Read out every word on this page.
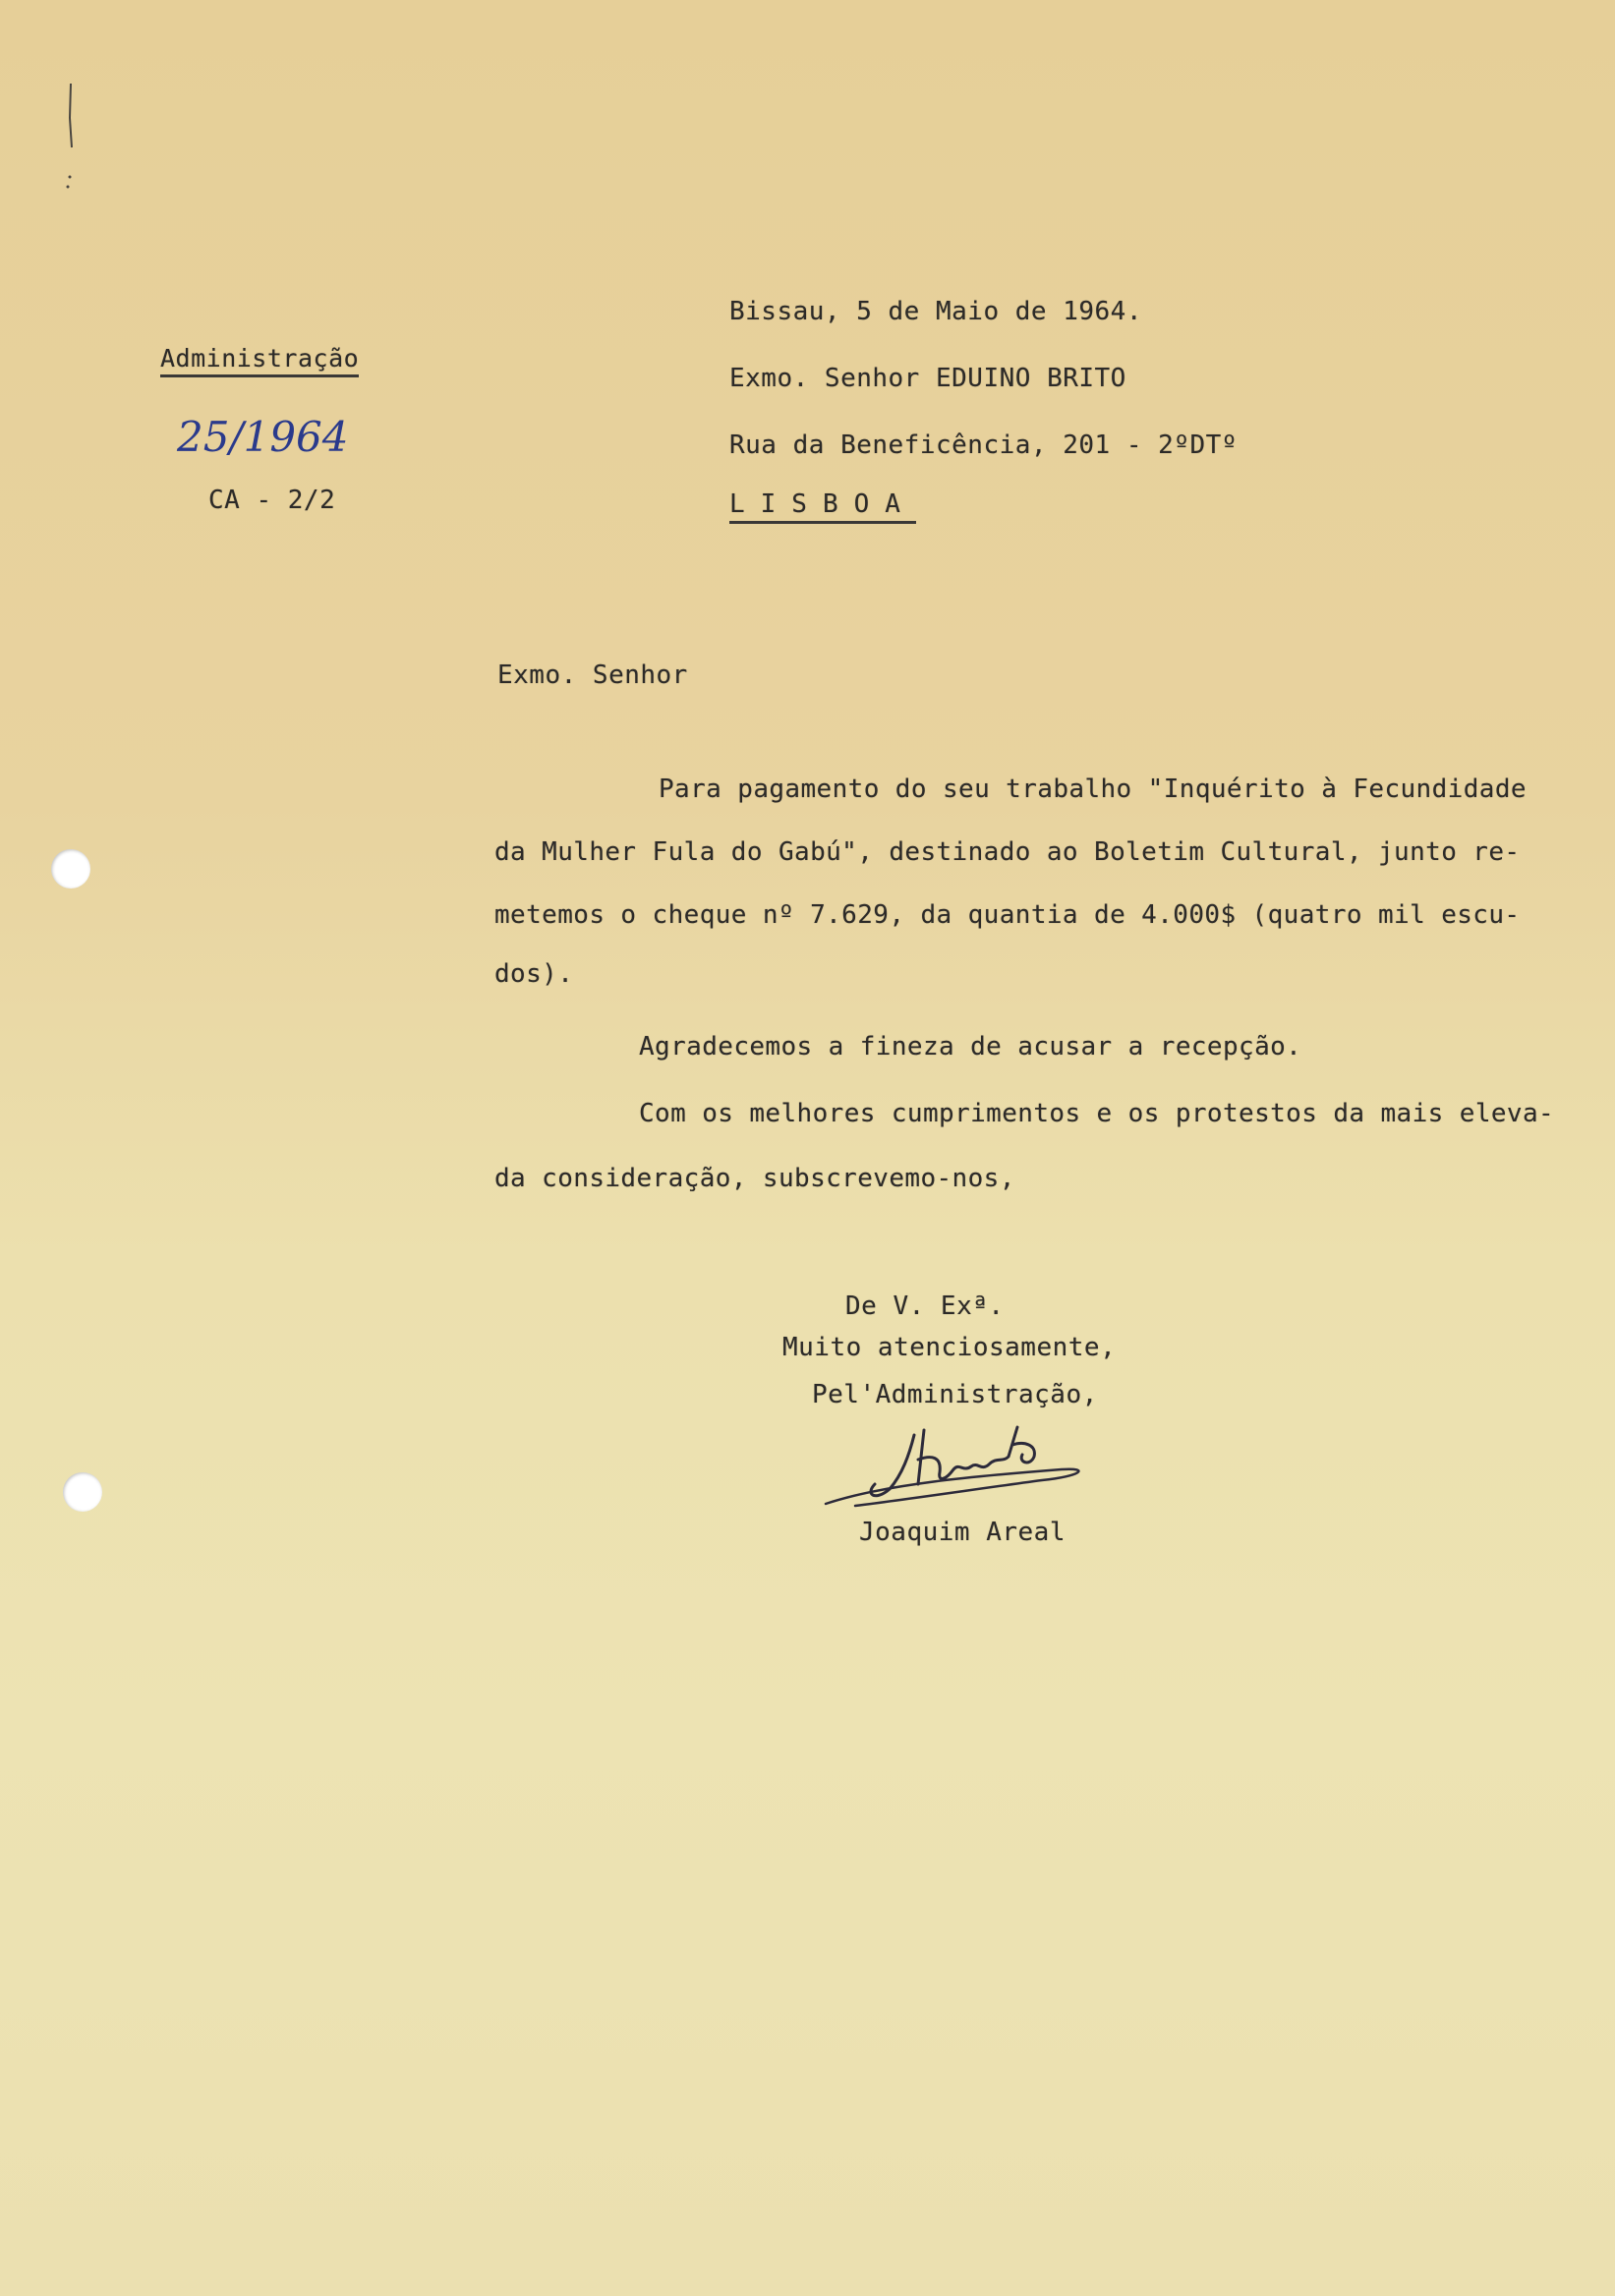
Administração
25/1964
CA - 2/2
Bissau, 5 de Maio de 1964.
Exmo. Senhor EDUINO BRITO
Rua da Beneficência, 201 - 2ºDTº
LISBOA
Exmo. Senhor
Para pagamento do seu trabalho "Inquérito à Fecundidade
da Mulher Fula do Gabú", destinado ao Boletim Cultural, junto re-
metemos o cheque nº 7.629, da quantia de 4.000$ (quatro mil escu-
dos).
Agradecemos a fineza de acusar a recepção.
Com os melhores cumprimentos e os protestos da mais eleva-
da consideração, subscrevemo-nos,
De V. Exª.
Muito atenciosamente,
Pel'Administração,
Joaquim Areal
